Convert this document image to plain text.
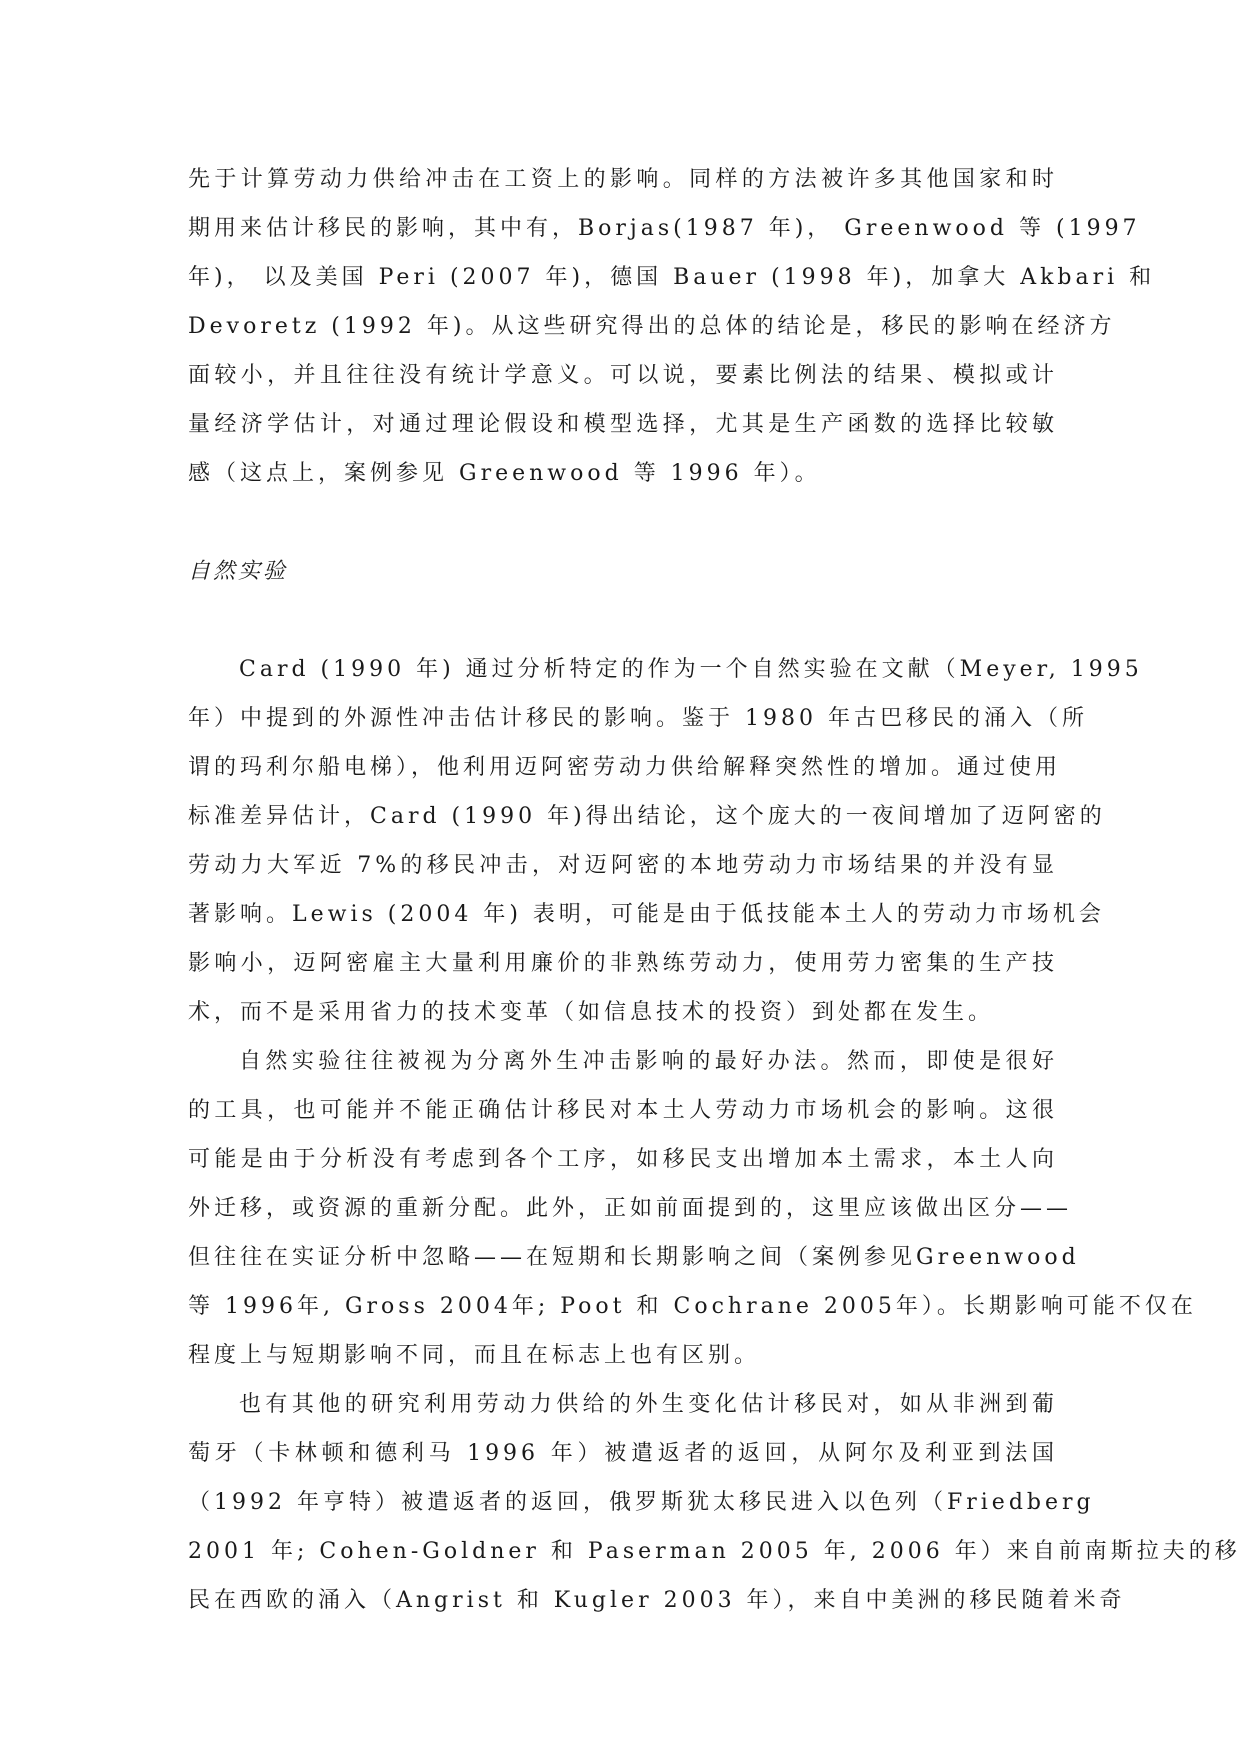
先于计算劳动力供给冲击在工资上的影响。同样的方法被许多其他国家和时
期用来估计移民的影响，其中有，Borjas(1987 年)， Greenwood 等 (1997
年)， 以及美国 Peri (2007 年)，德国 Bauer (1998 年)，加拿大 Akbari 和
Devoretz (1992 年)。从这些研究得出的总体的结论是，移民的影响在经济方
面较小，并且往往没有统计学意义。可以说，要素比例法的结果、模拟或计
量经济学估计，对通过理论假设和模型选择，尤其是生产函数的选择比较敏
感（这点上，案例参见 Greenwood 等 1996 年）。

自然实验

Card (1990 年) 通过分析特定的作为一个自然实验在文献（Meyer, 1995
年）中提到的外源性冲击估计移民的影响。鉴于 1980 年古巴移民的涌入（所
谓的玛利尔船电梯），他利用迈阿密劳动力供给解释突然性的增加。通过使用
标准差异估计，Card (1990 年)得出结论，这个庞大的一夜间增加了迈阿密的
劳动力大军近 7%的移民冲击，对迈阿密的本地劳动力市场结果的并没有显
著影响。Lewis (2004 年) 表明，可能是由于低技能本土人的劳动力市场机会
影响小，迈阿密雇主大量利用廉价的非熟练劳动力，使用劳力密集的生产技
术，而不是采用省力的技术变革（如信息技术的投资）到处都在发生。

自然实验往往被视为分离外生冲击影响的最好办法。然而，即使是很好
的工具，也可能并不能正确估计移民对本土人劳动力市场机会的影响。这很
可能是由于分析没有考虑到各个工序，如移民支出增加本土需求，本土人向
外迁移，或资源的重新分配。此外，正如前面提到的，这里应该做出区分——
但往往在实证分析中忽略——在短期和长期影响之间（案例参见Greenwood
等 1996年, Gross 2004年; Poot 和 Cochrane 2005年）。长期影响可能不仅在
程度上与短期影响不同，而且在标志上也有区别。

也有其他的研究利用劳动力供给的外生变化估计移民对，如从非洲到葡
萄牙（卡林顿和德利马 1996 年）被遣返者的返回，从阿尔及利亚到法国
（1992 年亨特）被遣返者的返回，俄罗斯犹太移民进入以色列（Friedberg
2001 年; Cohen-Goldner 和 Paserman 2005 年, 2006 年）来自前南斯拉夫的移
民在西欧的涌入（Angrist 和 Kugler 2003 年），来自中美洲的移民随着米奇
